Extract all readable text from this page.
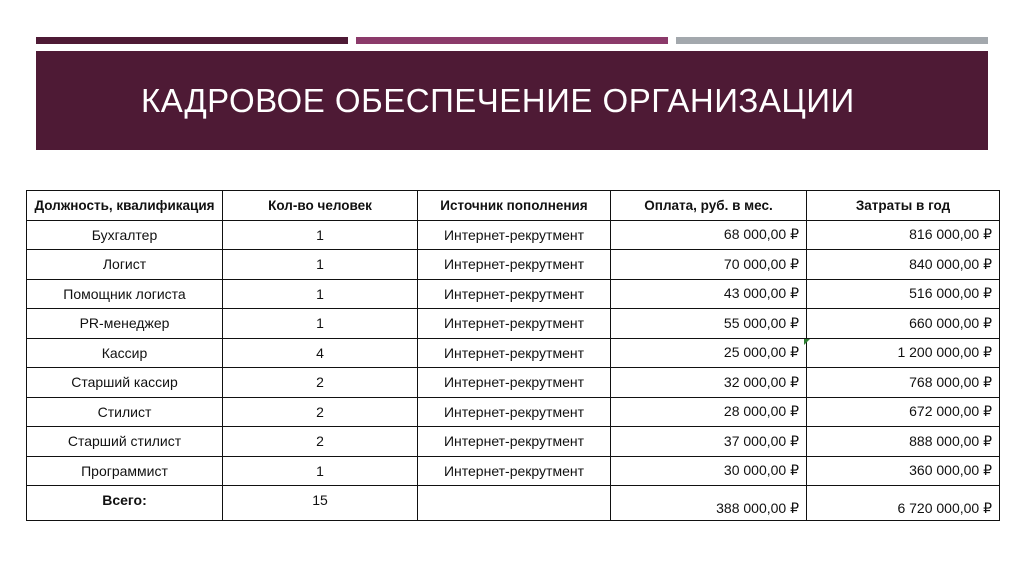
КАДРОВОЕ ОБЕСПЕЧЕНИЕ ОРГАНИЗАЦИИ
Должность, квалификация	Кол-во человек	Источник пополнения	Оплата, руб. в мес.	Затраты в год
Бухгалтер	1	Интернет-рекрутмент	68 000,00 ₽	816 000,00 ₽
Логист	1	Интернет-рекрутмент	70 000,00 ₽	840 000,00 ₽
Помощник логиста	1	Интернет-рекрутмент	43 000,00 ₽	516 000,00 ₽
PR-менеджер	1	Интернет-рекрутмент	55 000,00 ₽	660 000,00 ₽
Кассир	4	Интернет-рекрутмент	25 000,00 ₽	1 200 000,00 ₽
Старший кассир	2	Интернет-рекрутмент	32 000,00 ₽	768 000,00 ₽
Стилист	2	Интернет-рекрутмент	28 000,00 ₽	672 000,00 ₽
Старший стилист	2	Интернет-рекрутмент	37 000,00 ₽	888 000,00 ₽
Программист	1	Интернет-рекрутмент	30 000,00 ₽	360 000,00 ₽
Всего:	15		388 000,00 ₽	6 720 000,00 ₽
